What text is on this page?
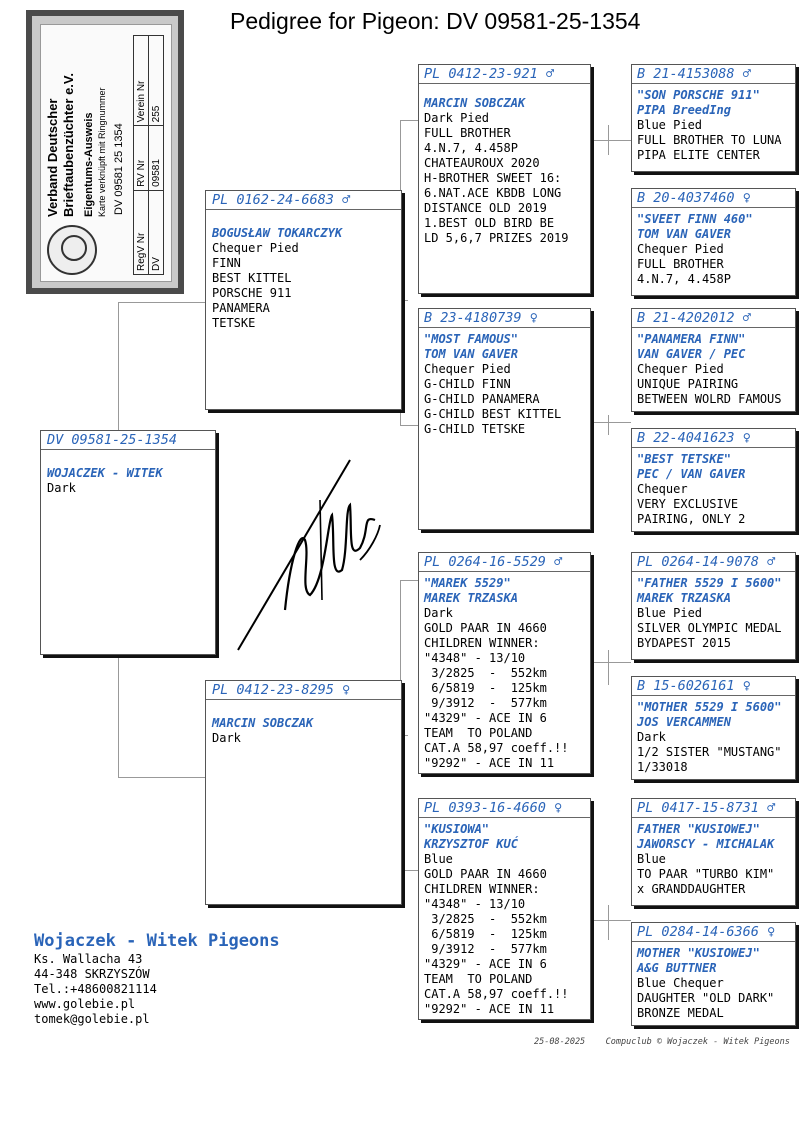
Pedigree for Pigeon: DV 09581-25-1354
Verband Deutscher Brieftaubenzüchter e.V. Eigentums-Ausweis Karte verknüpft mit Ringnummer DV 09581 25 1354
RegV Nr	RV Nr	Verein Nr
DV	09581	255
DV 09581-25-1354
WOJACZEK - WITEK
Dark
PL 0162-24-6683 ♂
BOGUSŁAW TOKARCZYK
Chequer Pied
FINN
BEST KITTEL
PORSCHE 911
PANAMERA
TETSKE
PL 0412-23-8295 ♀
MARCIN SOBCZAK
Dark
PL 0412-23-921 ♂
MARCIN SOBCZAK
Dark Pied
FULL BROTHER
4.N.7, 4.458P
CHATEAUROUX 2020
H-BROTHER SWEET 16:
6.NAT.ACE KBDB LONG
DISTANCE OLD 2019
1.BEST OLD BIRD BE
LD 5,6,7 PRIZES 2019
B 23-4180739 ♀
"MOST FAMOUS"
TOM VAN GAVER
Chequer Pied
G-CHILD FINN
G-CHILD PANAMERA
G-CHILD BEST KITTEL
G-CHILD TETSKE
PL 0264-16-5529 ♂
"MAREK 5529"
MAREK TRZASKA
Dark
GOLD PAAR IN 4660
CHILDREN WINNER:
"4348" - 13/10
3/2825  -  552km
6/5819  -  125km
9/3912  -  577km
"4329" - ACE IN 6
TEAM  TO POLAND
CAT.A 58,97 coeff.!!
"9292" - ACE IN 11
PL 0393-16-4660 ♀
"KUSIOWA"
KRZYSZTOF KUĆ
Blue
GOLD PAAR IN 4660
CHILDREN WINNER:
"4348" - 13/10
3/2825  -  552km
6/5819  -  125km
9/3912  -  577km
"4329" - ACE IN 6
TEAM  TO POLAND
CAT.A 58,97 coeff.!!
"9292" - ACE IN 11
B 21-4153088 ♂
"SON PORSCHE 911"
PIPA BreedIng
Blue Pied
FULL BROTHER TO LUNA
PIPA ELITE CENTER
B 20-4037460 ♀
"SVEET FINN 460"
TOM VAN GAVER
Chequer Pied
FULL BROTHER
4.N.7, 4.458P
B 21-4202012 ♂
"PANAMERA FINN"
VAN GAVER / PEC
Chequer Pied
UNIQUE PAIRING
BETWEEN WOLRD FAMOUS
B 22-4041623 ♀
"BEST TETSKE"
PEC / VAN GAVER
Chequer
VERY EXCLUSIVE
PAIRING, ONLY 2
PL 0264-14-9078 ♂
"FATHER 5529 I 5600"
MAREK TRZASKA
Blue Pied
SILVER OLYMPIC MEDAL
BYDAPEST 2015
B 15-6026161 ♀
"MOTHER 5529 I 5600"
JOS VERCAMMEN
Dark
1/2 SISTER "MUSTANG"
1/33018
PL 0417-15-8731 ♂
FATHER "KUSIOWEJ"
JAWORSCY - MICHALAK
Blue
TO PAAR "TURBO KIM"
x GRANDDAUGHTER
PL 0284-14-6366 ♀
MOTHER "KUSIOWEJ"
A&G BUTTNER
Blue Chequer
DAUGHTER "OLD DARK"
BRONZE MEDAL
Wojaczek - Witek Pigeons
Ks. Wallacha 43
44-348 SKRZYSZÓW
Tel.:+48600821114
www.golebie.pl
tomek@golebie.pl
25-08-2025 Compuclub © Wojaczek - Witek Pigeons
